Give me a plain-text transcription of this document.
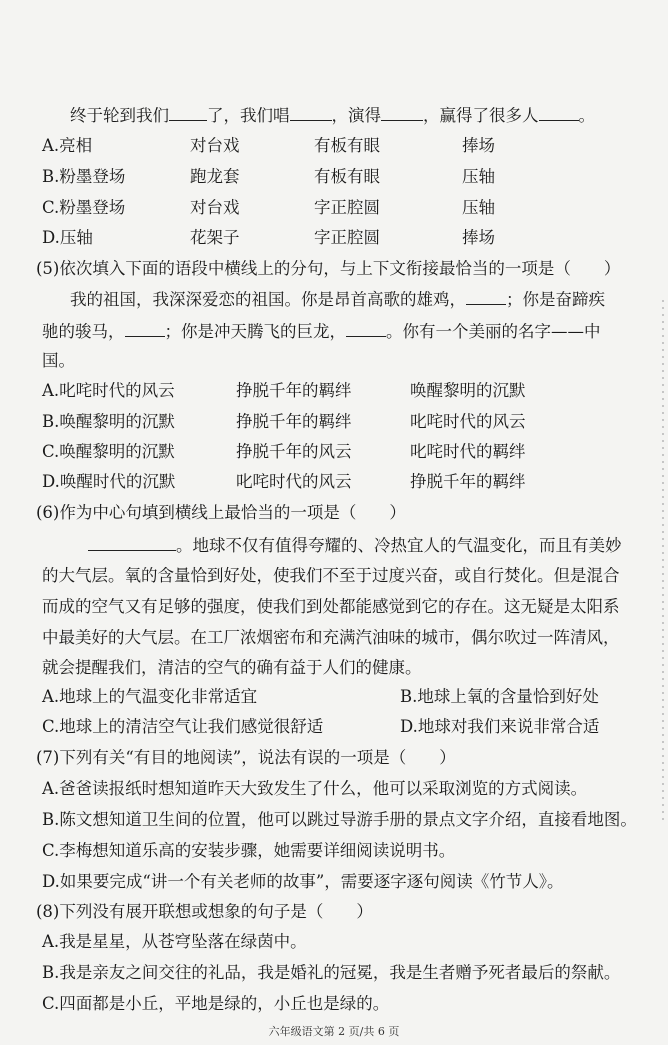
终于轮到我们 了，我们唱	，演得	，赢得了很多人 。
A.亮相	对台戏	有板有眼	捧场
B.粉墨登场	跑龙套	有板有眼	压轴
C.粉墨登场	对台戏	字正腔圆	压轴
D.压轴	花架子	字正腔圆	捧场
(5)依次填入下面的语段中横线上的分句，与上下文衔接最恰当的一项是（　　）
我的祖国，我深深爱恋的祖国。你是昂首高歌的雄鸡， ；你是奋蹄疾
驰的骏马， ；你是冲天腾飞的巨龙， 。你有一个美丽的名字——中
国。
A.叱咤时代的风云	挣脱千年的羁绊	唤醒黎明的沉默
B.唤醒黎明的沉默	挣脱千年的羁绊	叱咤时代的风云
C.唤醒黎明的沉默	挣脱千年的风云	叱咤时代的羁绊
D.唤醒时代的沉默	叱咤时代的风云	挣脱千年的羁绊
(6)作为中心句填到横线上最恰当的一项是（　　）
。地球不仅有值得夸耀的、冷热宜人的气温变化，而且有美妙
的大气层。氧的含量恰到好处，使我们不至于过度兴奋，或自行焚化。但是混合
而成的空气又有足够的强度，使我们到处都能感觉到它的存在。这无疑是太阳系
中最美好的大气层。在工厂浓烟密布和充满汽油味的城市，偶尔吹过一阵清风，
就会提醒我们，清洁的空气的确有益于人们的健康。
A.地球上的气温变化非常适宜	B.地球上氧的含量恰到好处
C.地球上的清洁空气让我们感觉很舒适	D.地球对我们来说非常合适
(7)下列有关“有目的地阅读”，说法有误的一项是（　　）
A.爸爸读报纸时想知道昨天大致发生了什么，他可以采取浏览的方式阅读。
B.陈文想知道卫生间的位置，他可以跳过导游手册的景点文字介绍，直接看地图。
C.李梅想知道乐高的安装步骤，她需要详细阅读说明书。
D.如果要完成“讲一个有关老师的故事”，需要逐字逐句阅读《竹节人》。
(8)下列没有展开联想或想象的句子是（　　）
A.我是星星，从苍穹坠落在绿茵中。
B.我是亲友之间交往的礼品，我是婚礼的冠冕，我是生者赠予死者最后的祭献。
C.四面都是小丘，平地是绿的，小丘也是绿的。
六年级语文第 2 页/共 6 页
